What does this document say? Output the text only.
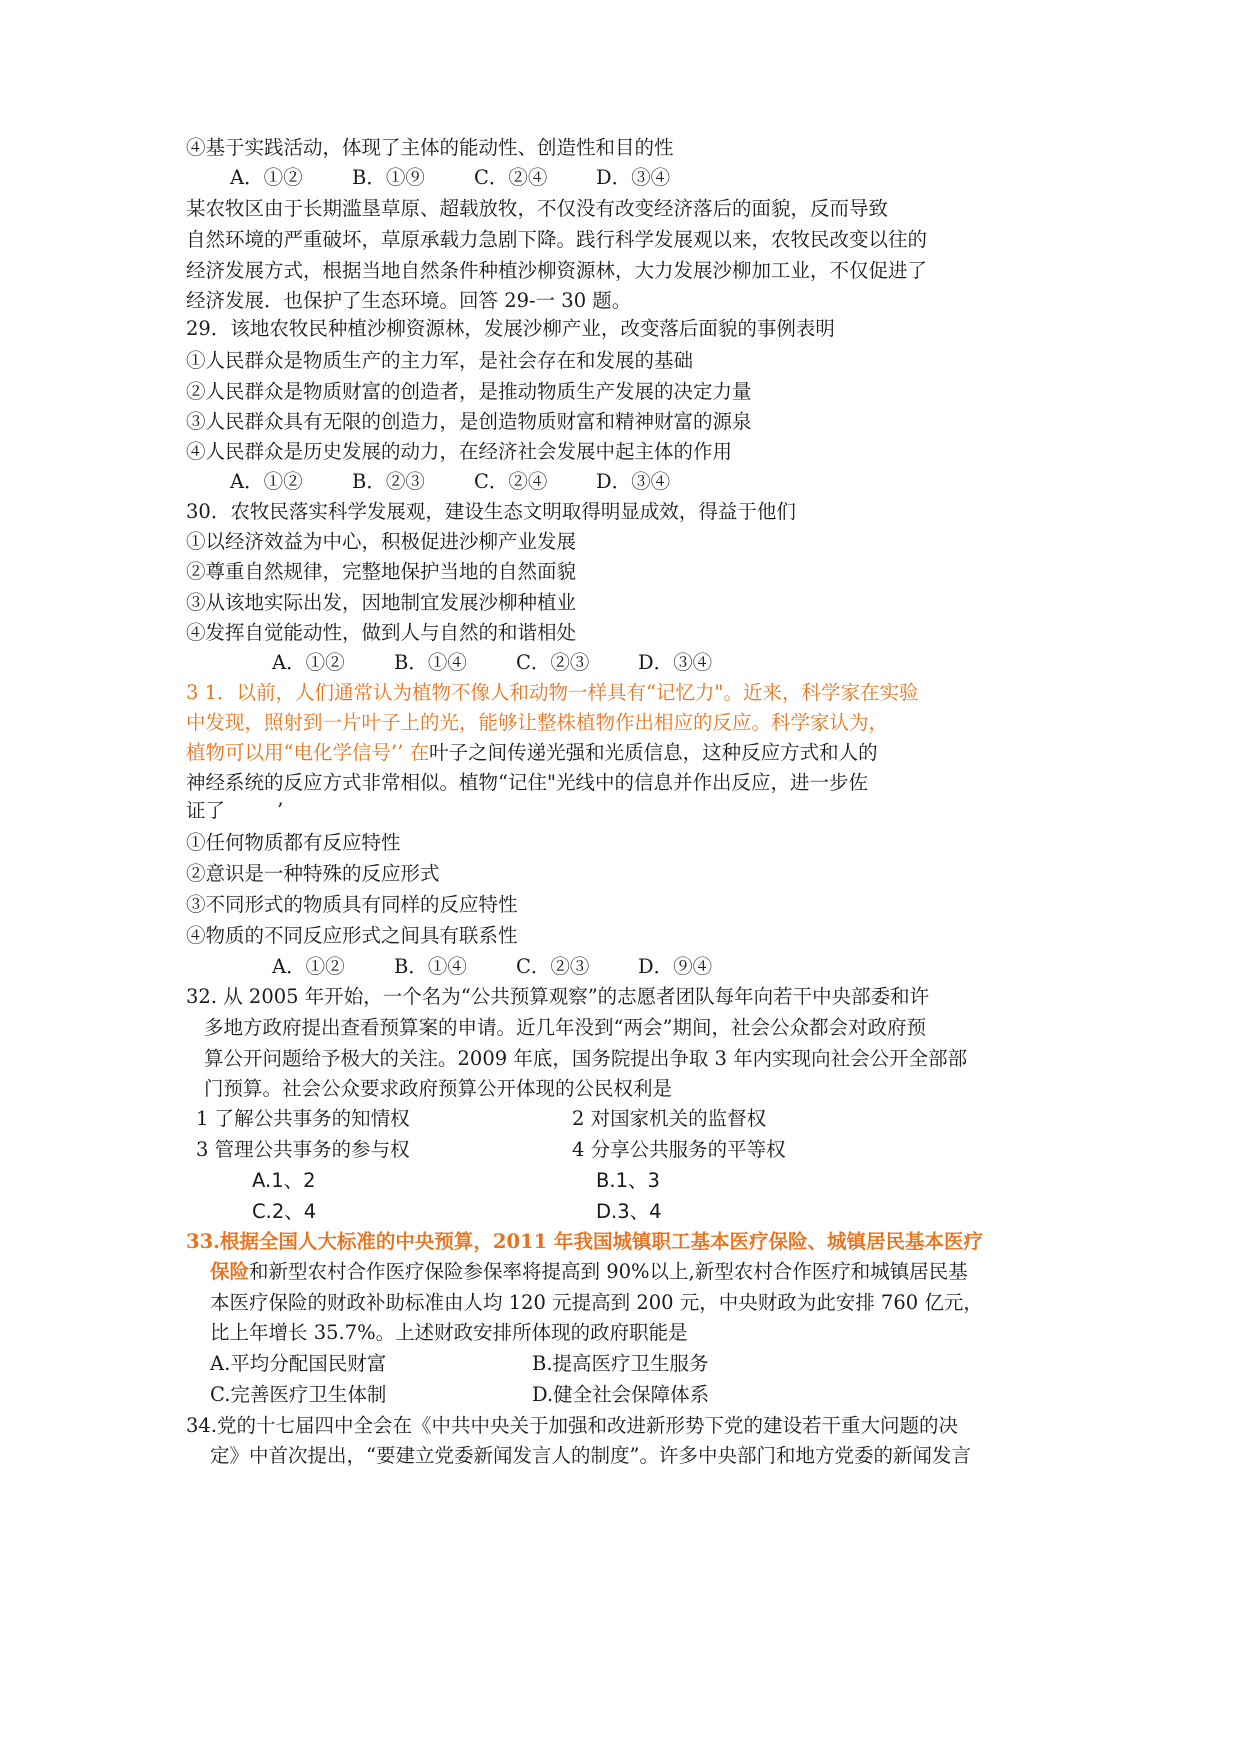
④基于实践活动，体现了主体的能动性、创造性和目的性
A．①②	B．①⑨	C．②④ D．③④
某农牧区由于长期滥垦草原、超载放牧，不仅没有改变经济落后的面貌，反而导致
自然环境的严重破坏，草原承载力急剧下降。践行科学发展观以来，农牧民改变以往的
经济发展方式，根据当地自然条件种植沙柳资源林，大力发展沙柳加工业，不仅促进了
经济发展．也保护了生态环境。回答 29-一 30 题。
29．该地农牧民种植沙柳资源林，发展沙柳产业，改变落后面貌的事例表明
①人民群众是物质生产的主力军，是社会存在和发展的基础
②人民群众是物质财富的创造者，是推动物质生产发展的决定力量
③人民群众具有无限的创造力，是创造物质财富和精神财富的源泉
④人民群众是历史发展的动力，在经济社会发展中起主体的作用
A．①②	B．②③	C．②④ D．③④
30．农牧民落实科学发展观，建设生态文明取得明显成效，得益于他们
①以经济效益为中心，积极促进沙柳产业发展
②尊重自然规律，完整地保护当地的自然面貌
③从该地实际出发，因地制宜发展沙柳种植业
④发挥自觉能动性，做到人与自然的和谐相处
A．①②	B．①④	C．②③ D．③④
3 1．以前，人们通常认为植物不像人和动物一样具有“记忆力"。近来，科学家在实验
中发现，照射到一片叶子上的光，能够让整株植物作出相应的反应。科学家认为，
植物可以用“电化学信号’’ 在叶子之间传递光强和光质信息，这种反应方式和人的
神经系统的反应方式非常相似。植物“记住"光线中的信息并作出反应，进一步佐
证了	’
①任何物质都有反应特性
②意识是一种特殊的反应形式
③不同形式的物质具有同样的反应特性
④物质的不同反应形式之间具有联系性
A．①②	B．①④	C．②③ D．⑨④
32. 从 2005 年开始，一个名为“公共预算观察”的志愿者团队每年向若干中央部委和许
多地方政府提出查看预算案的申请。近几年没到“两会”期间，社会公众都会对政府预
算公开问题给予极大的关注。2009 年底，国务院提出争取 3 年内实现向社会公开全部部
门预算。社会公众要求政府预算公开体现的公民权利是
1 了解公共事务的知情权	2 对国家机关的监督权
3 管理公共事务的参与权	4 分享公共服务的平等权
A.1、2	B.1、3
C.2、4	D.3、4
33.根据全国人大标准的中央预算，2011 年我国城镇职工基本医疗保险、城镇居民基本医疗
保险和新型农村合作医疗保险参保率将提高到 90%以上,新型农村合作医疗和城镇居民基
本医疗保险的财政补助标准由人均 120 元提高到 200 元，中央财政为此安排 760 亿元，
比上年增长 35.7%。上述财政安排所体现的政府职能是
A.平均分配国民财富	B.提高医疗卫生服务
C.完善医疗卫生体制	D.健全社会保障体系
34.党的十七届四中全会在《中共中央关于加强和改进新形势下党的建设若干重大问题的决
定》中首次提出，“要建立党委新闻发言人的制度”。许多中央部门和地方党委的新闻发言
